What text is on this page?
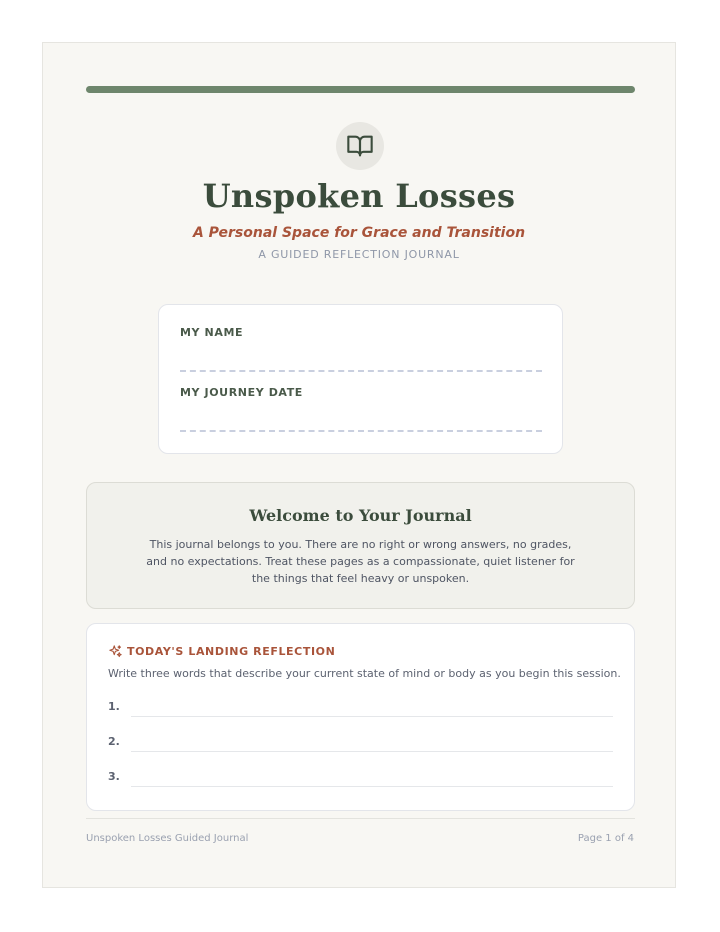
Unspoken Losses
A Personal Space for Grace and Transition
A GUIDED REFLECTION JOURNAL
MY NAME
MY JOURNEY DATE
Welcome to Your Journal
This journal belongs to you. There are no right or wrong answers, no grades, and no expectations. Treat these pages as a compassionate, quiet listener for the things that feel heavy or unspoken.
TODAY'S LANDING REFLECTION
Write three words that describe your current state of mind or body as you begin this session.
1.
2.
3.
Unspoken Losses Guided Journal	Page 1 of 4
